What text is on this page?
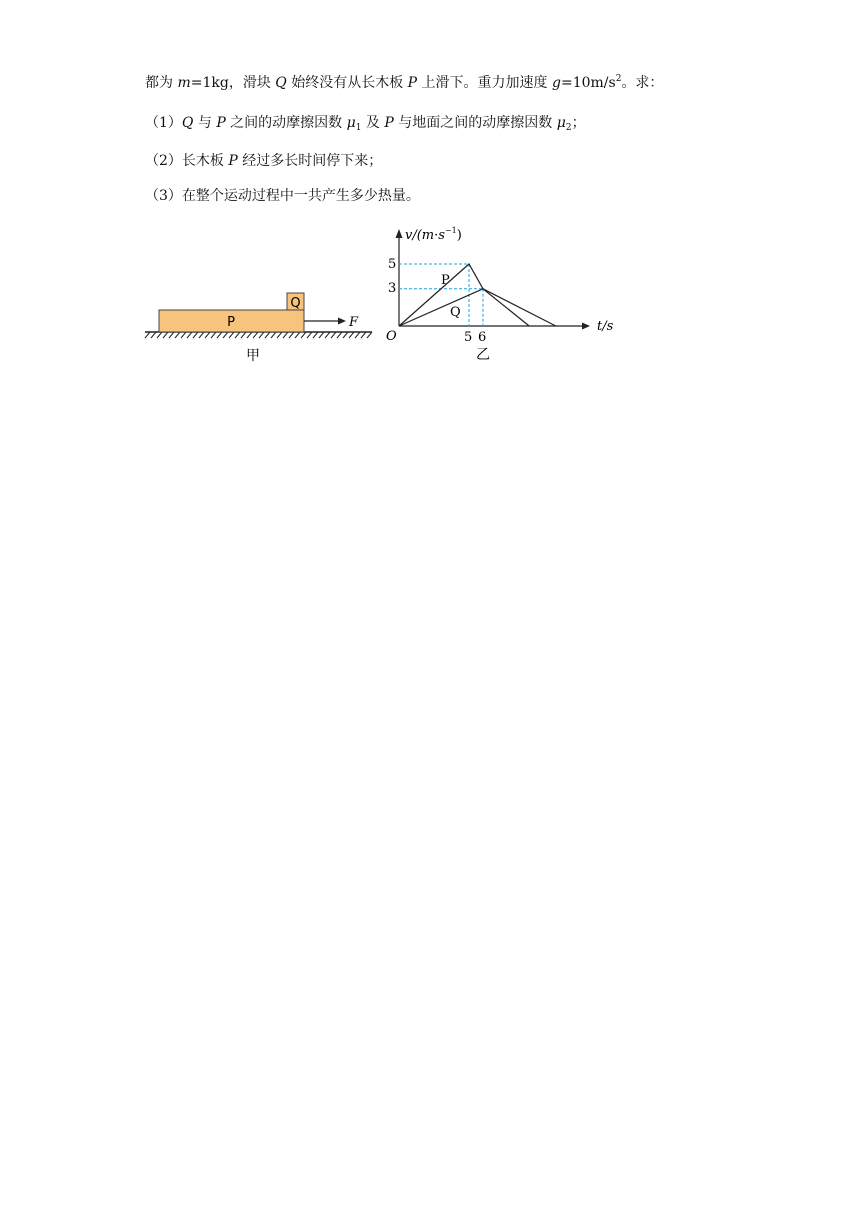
都为 m=1kg，滑块 Q 始终没有从长木板 P 上滑下。重力加速度 $g=10m/s^2$。求：
（1）Q 与 P 之间的动摩擦因数 $\mu_1$ 及 P 与地面之间的动摩擦因数 $\mu_2$；
（2）长木板 P 经过多长时间停下来；
（3）在整个运动过程中一共产生多少热量。
P
Q
F
甲
$v/(m\cdot s^{-1})$
t/s
O
5
3
5 6
P
Q
乙
